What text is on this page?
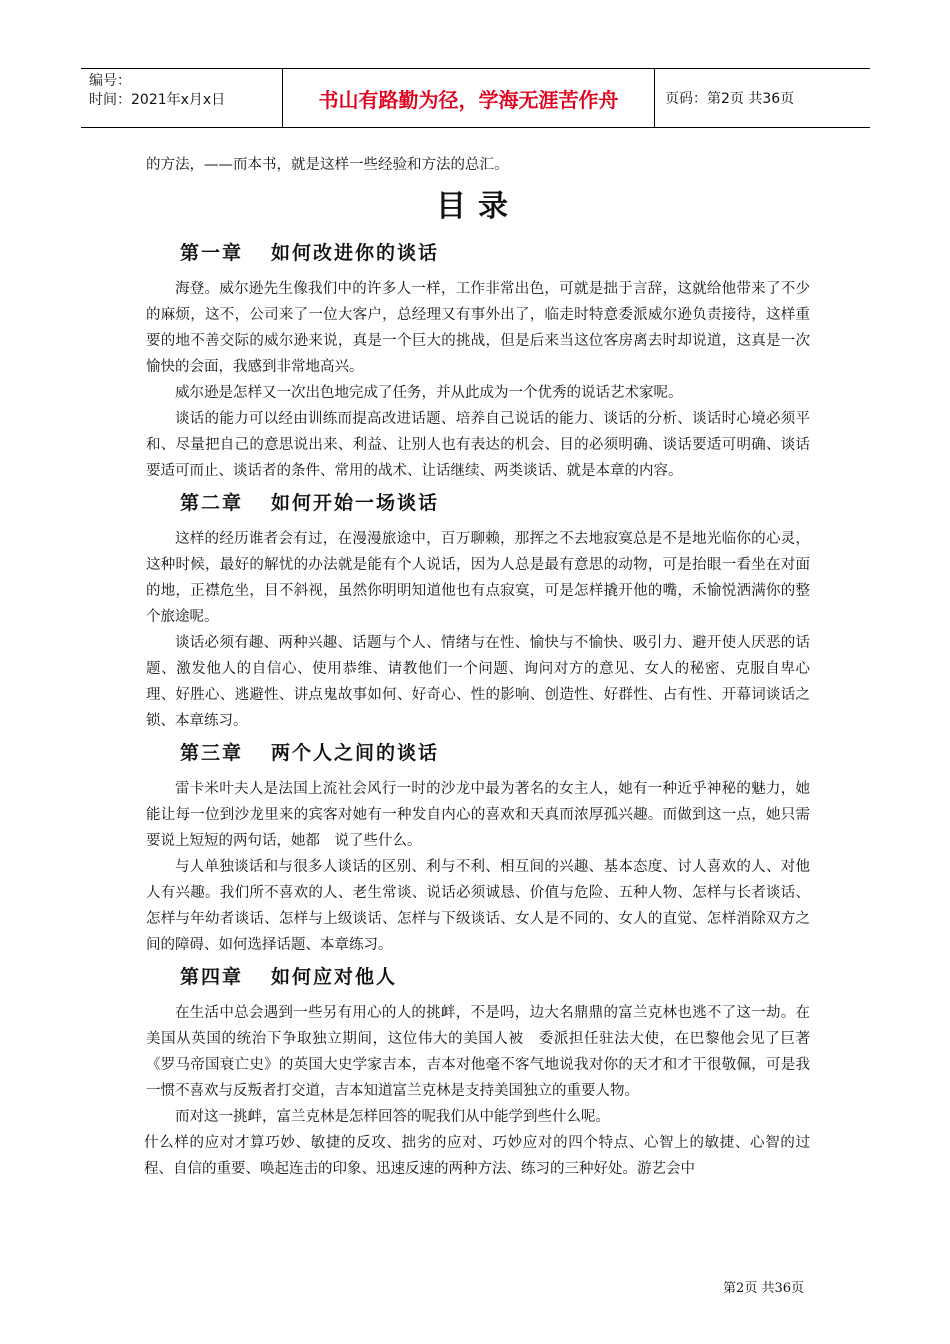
编号：
时间：2021年x月x日	书山有路勤为径，学海无涯苦作舟	页码：第2页 共36页

的方法，——而本书，就是这样一些经验和方法的总汇。

目录
第一章 如何改进你的谈话

海登。威尔逊先生像我们中的许多人一样，工作非常出色，可就是拙于言辞，这就给他带来了不少的麻烦，这不，公司来了一位大客户，总经理又有事外出了，临走时特意委派威尔逊负责接待，这样重要的地不善交际的威尔逊来说，真是一个巨大的挑战，但是后来当这位客房离去时却说道，这真是一次愉快的会面，我感到非常地高兴。

威尔逊是怎样又一次出色地完成了任务，并从此成为一个优秀的说话艺术家呢。

谈话的能力可以经由训练而提高改进话题、培养自己说话的能力、谈话的分析、谈话时心境必须平和、尽量把自己的意思说出来、利益、让别人也有表达的机会、目的必须明确、谈话要适可明确、谈话要适可而止、谈话者的条件、常用的战术、让话继续、两类谈话、就是本章的内容。

第二章 如何开始一场谈话

这样的经历谁者会有过，在漫漫旅途中，百万聊赖，那挥之不去地寂寞总是不是地光临你的心灵，这种时候，最好的解忧的办法就是能有个人说话，因为人总是最有意思的动物，可是抬眼一看坐在对面的地，正襟危坐，目不斜视，虽然你明明知道他也有点寂寞，可是怎样撬开他的嘴，禾愉悦洒满你的整个旅途呢。

谈话必须有趣、两种兴趣、话题与个人、情绪与在性、愉快与不愉快、吸引力、避开使人厌恶的话题、激发他人的自信心、使用恭维、请教他们一个问题、询问对方的意见、女人的秘密、克服自卑心理、好胜心、逃避性、讲点鬼故事如何、好奇心、性的影响、创造性、好群性、占有性、开幕词谈话之锁、本章练习。

第三章 两个人之间的谈话

雷卡米叶夫人是法国上流社会风行一时的沙龙中最为著名的女主人，她有一种近乎神秘的魅力，她能让每一位到沙龙里来的宾客对她有一种发自内心的喜欢和天真而浓厚孤兴趣。而做到这一点，她只需要说上短短的两句话，她都　说了些什么。

与人单独谈话和与很多人谈话的区别、利与不利、相互间的兴趣、基本态度、讨人喜欢的人、对他人有兴趣。我们所不喜欢的人、老生常谈、说话必须诚恳、价值与危险、五种人物、怎样与长者谈话、怎样与年幼者谈话、怎样与上级谈话、怎样与下级谈话、女人是不同的、女人的直觉、怎样消除双方之间的障碍、如何选择话题、本章练习。

第四章 如何应对他人

在生活中总会遇到一些另有用心的人的挑衅，不是吗，边大名鼎鼎的富兰克林也逃不了这一劫。在美国从英国的统治下争取独立期间，这位伟大的美国人被　委派担任驻法大使，在巴黎他会见了巨著《罗马帝国衰亡史》的英国大史学家吉本，吉本对他毫不客气地说我对你的天才和才干很敬佩，可是我一惯不喜欢与反叛者打交道，吉本知道富兰克林是支持美国独立的重要人物。

而对这一挑衅，富兰克林是怎样回答的呢我们从中能学到些什么呢。

什么样的应对才算巧妙、敏捷的反攻、拙劣的应对、巧妙应对的四个特点、心智上的敏捷、心智的过程、自信的重要、唤起连击的印象、迅速反速的两种方法、练习的三种好处。游艺会中

第2页 共36页
